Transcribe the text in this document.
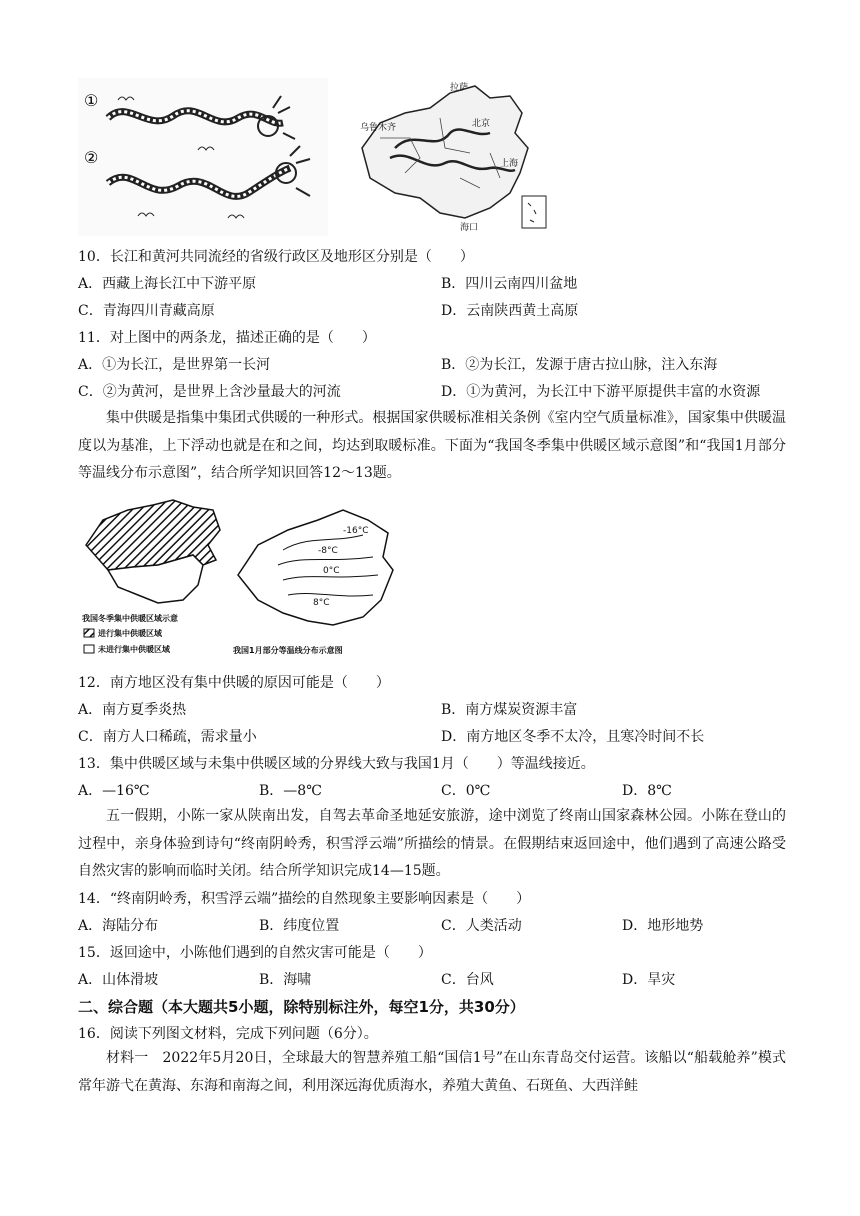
①
②
拉萨
乌鲁木齐	北京
上海
海口
10．长江和黄河共同流经的省级行政区及地形区分别是（　　）
A．西藏上海长江中下游平原	B．四川云南四川盆地
C．青海四川青藏高原	D．云南陕西黄土高原
11．对上图中的两条龙，描述正确的是（　　）
A．①为长江，是世界第一长河	B．②为长江，发源于唐古拉山脉，注入东海
C．②为黄河，是世界上含沙量最大的河流	D．①为黄河，为长江中下游平原提供丰富的水资源
集中供暖是指集中集团式供暖的一种形式。根据国家供暖标准相关条例《室内空气质量标准》，国家集中供暖温度以为基准，上下浮动也就是在和之间，均达到取暖标准。下面为“我国冬季集中供暖区域示意图”和“我国1月部分等温线分布示意图”，结合所学知识回答12～13题。
我国冬季集中供暖区域示意
进行集中供暖区域
未进行集中供暖区域
-16°C
-8°C
0°C
8°C
我国1月部分等温线分布示意图
12．南方地区没有集中供暖的原因可能是（　　）
A．南方夏季炎热	B．南方煤炭资源丰富
C．南方人口稀疏，需求量小	D．南方地区冬季不太冷，且寒冷时间不长
13．集中供暖区域与未集中供暖区域的分界线大致与我国1月（　　）等温线接近。
A．—16℃	B．—8℃	C．0℃	D．8℃
五一假期，小陈一家从陕南出发，自驾去革命圣地延安旅游，途中浏览了终南山国家森林公园。小陈在登山的过程中，亲身体验到诗句“终南阴岭秀，积雪浮云端”所描绘的情景。在假期结束返回途中，他们遇到了高速公路受自然灾害的影响而临时关闭。结合所学知识完成14—15题。
14．“终南阴岭秀，积雪浮云端”描绘的自然现象主要影响因素是（　　）
A．海陆分布	B．纬度位置	C．人类活动	D．地形地势
15．返回途中，小陈他们遇到的自然灾害可能是（　　）
A．山体滑坡	B．海啸	C．台风	D．旱灾
二、综合题（本大题共5小题，除特别标注外，每空1分，共30分）
16．阅读下列图文材料，完成下列问题（6分）。
材料一　2022年5月20日，全球最大的智慧养殖工船“国信1号”在山东青岛交付运营。该船以“船载舱养”模式常年游弋在黄海、东海和南海之间，利用深远海优质海水，养殖大黄鱼、石斑鱼、大西洋鲑
